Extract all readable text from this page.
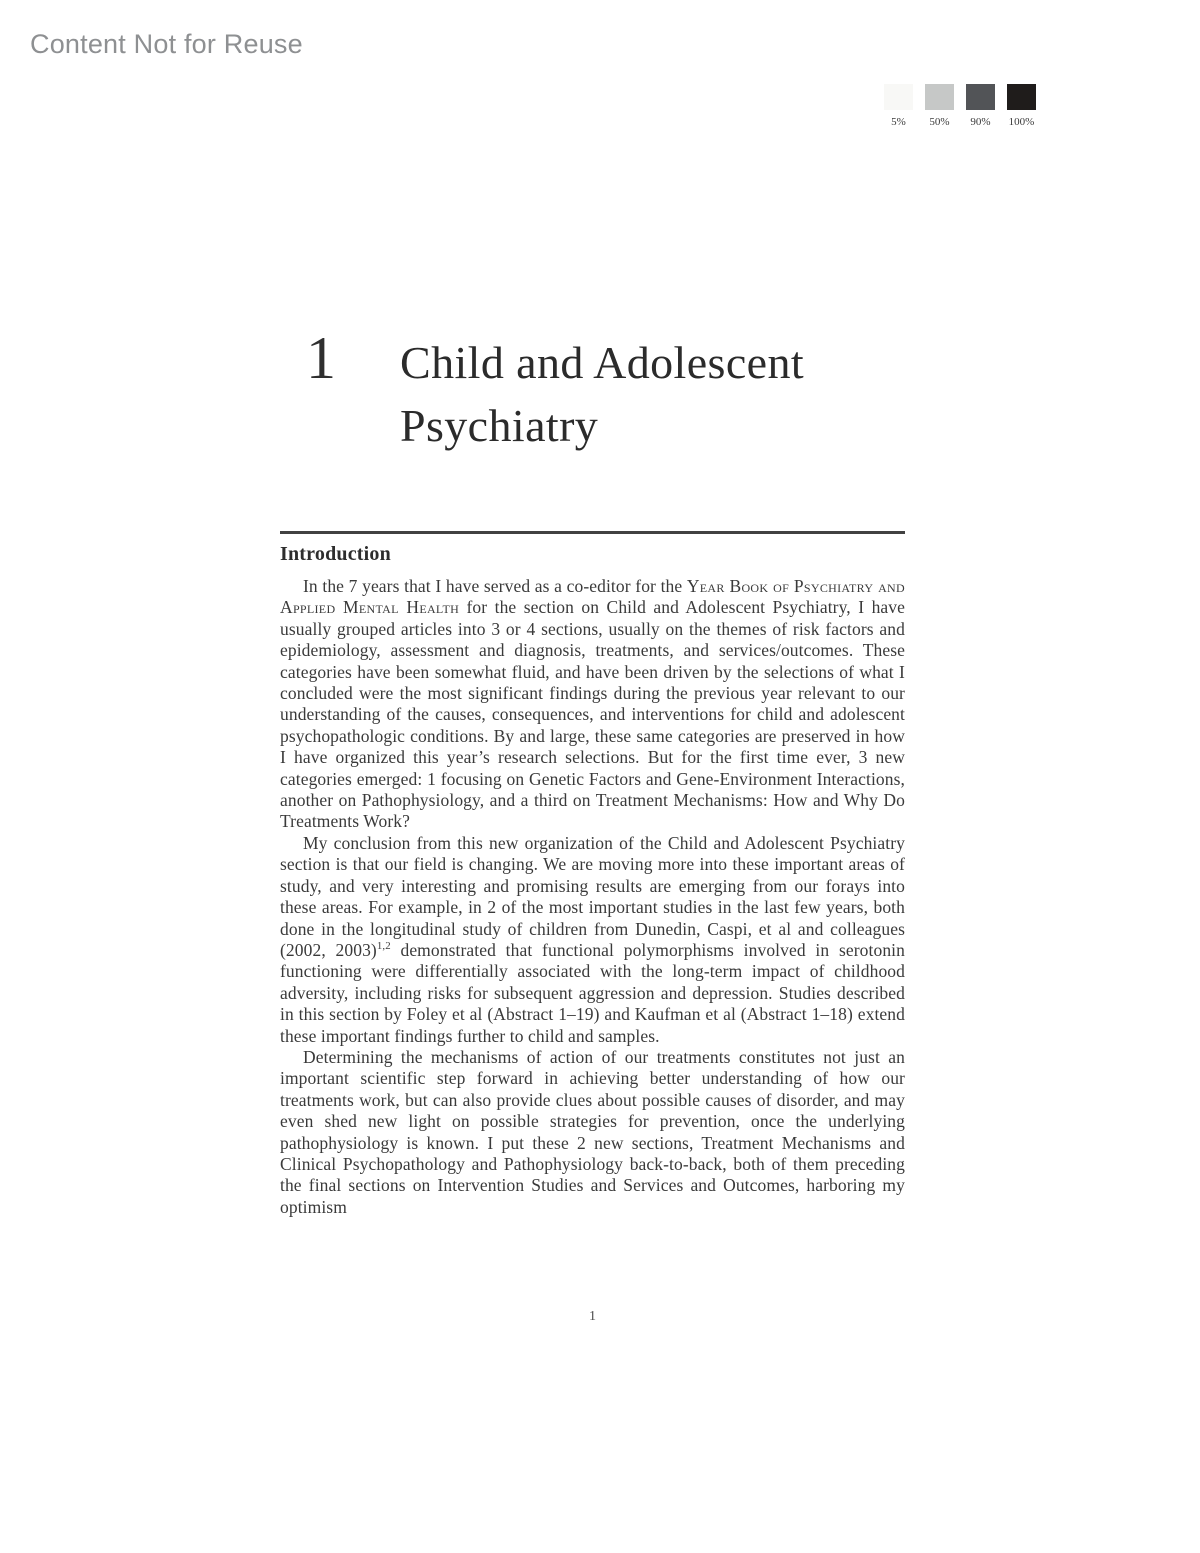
Content Not for Reuse
5%	50%	90%	100%
1 Child and Adolescent
Psychiatry
Introduction

In the 7 years that I have served as a co-editor for the Year Book of Psychiatry and Applied Mental Health for the section on Child and Adolescent Psychiatry, I have usually grouped articles into 3 or 4 sections, usually on the themes of risk factors and epidemiology, assessment and diagnosis, treatments, and services/outcomes. These categories have been somewhat fluid, and have been driven by the selections of what I concluded were the most significant findings during the previous year relevant to our understanding of the causes, consequences, and interventions for child and adolescent psychopathologic conditions. By and large, these same categories are preserved in how I have organized this year’s research selections. But for the first time ever, 3 new categories emerged: 1 focusing on Genetic Factors and Gene-Environment Interactions, another on Pathophysiology, and a third on Treatment Mechanisms: How and Why Do Treatments Work?

My conclusion from this new organization of the Child and Adolescent Psychiatry section is that our field is changing. We are moving more into these important areas of study, and very interesting and promising results are emerging from our forays into these areas. For example, in 2 of the most important studies in the last few years, both done in the longitudinal study of children from Dunedin, Caspi, et al and colleagues (2002, 2003)$^{1,2}$ demonstrated that functional polymorphisms involved in serotonin functioning were differentially associated with the long-term impact of childhood adversity, including risks for subsequent aggression and depression. Studies described in this section by Foley et al (Abstract 1–19) and Kaufman et al (Abstract 1–18) extend these important findings further to child and samples.

Determining the mechanisms of action of our treatments constitutes not just an important scientific step forward in achieving better understanding of how our treatments work, but can also provide clues about possible causes of disorder, and may even shed new light on possible strategies for prevention, once the underlying pathophysiology is known. I put these 2 new sections, Treatment Mechanisms and Clinical Psychopathology and Pathophysiology back-to-back, both of them preceding the final sections on Intervention Studies and Services and Outcomes, harboring my optimism

1
